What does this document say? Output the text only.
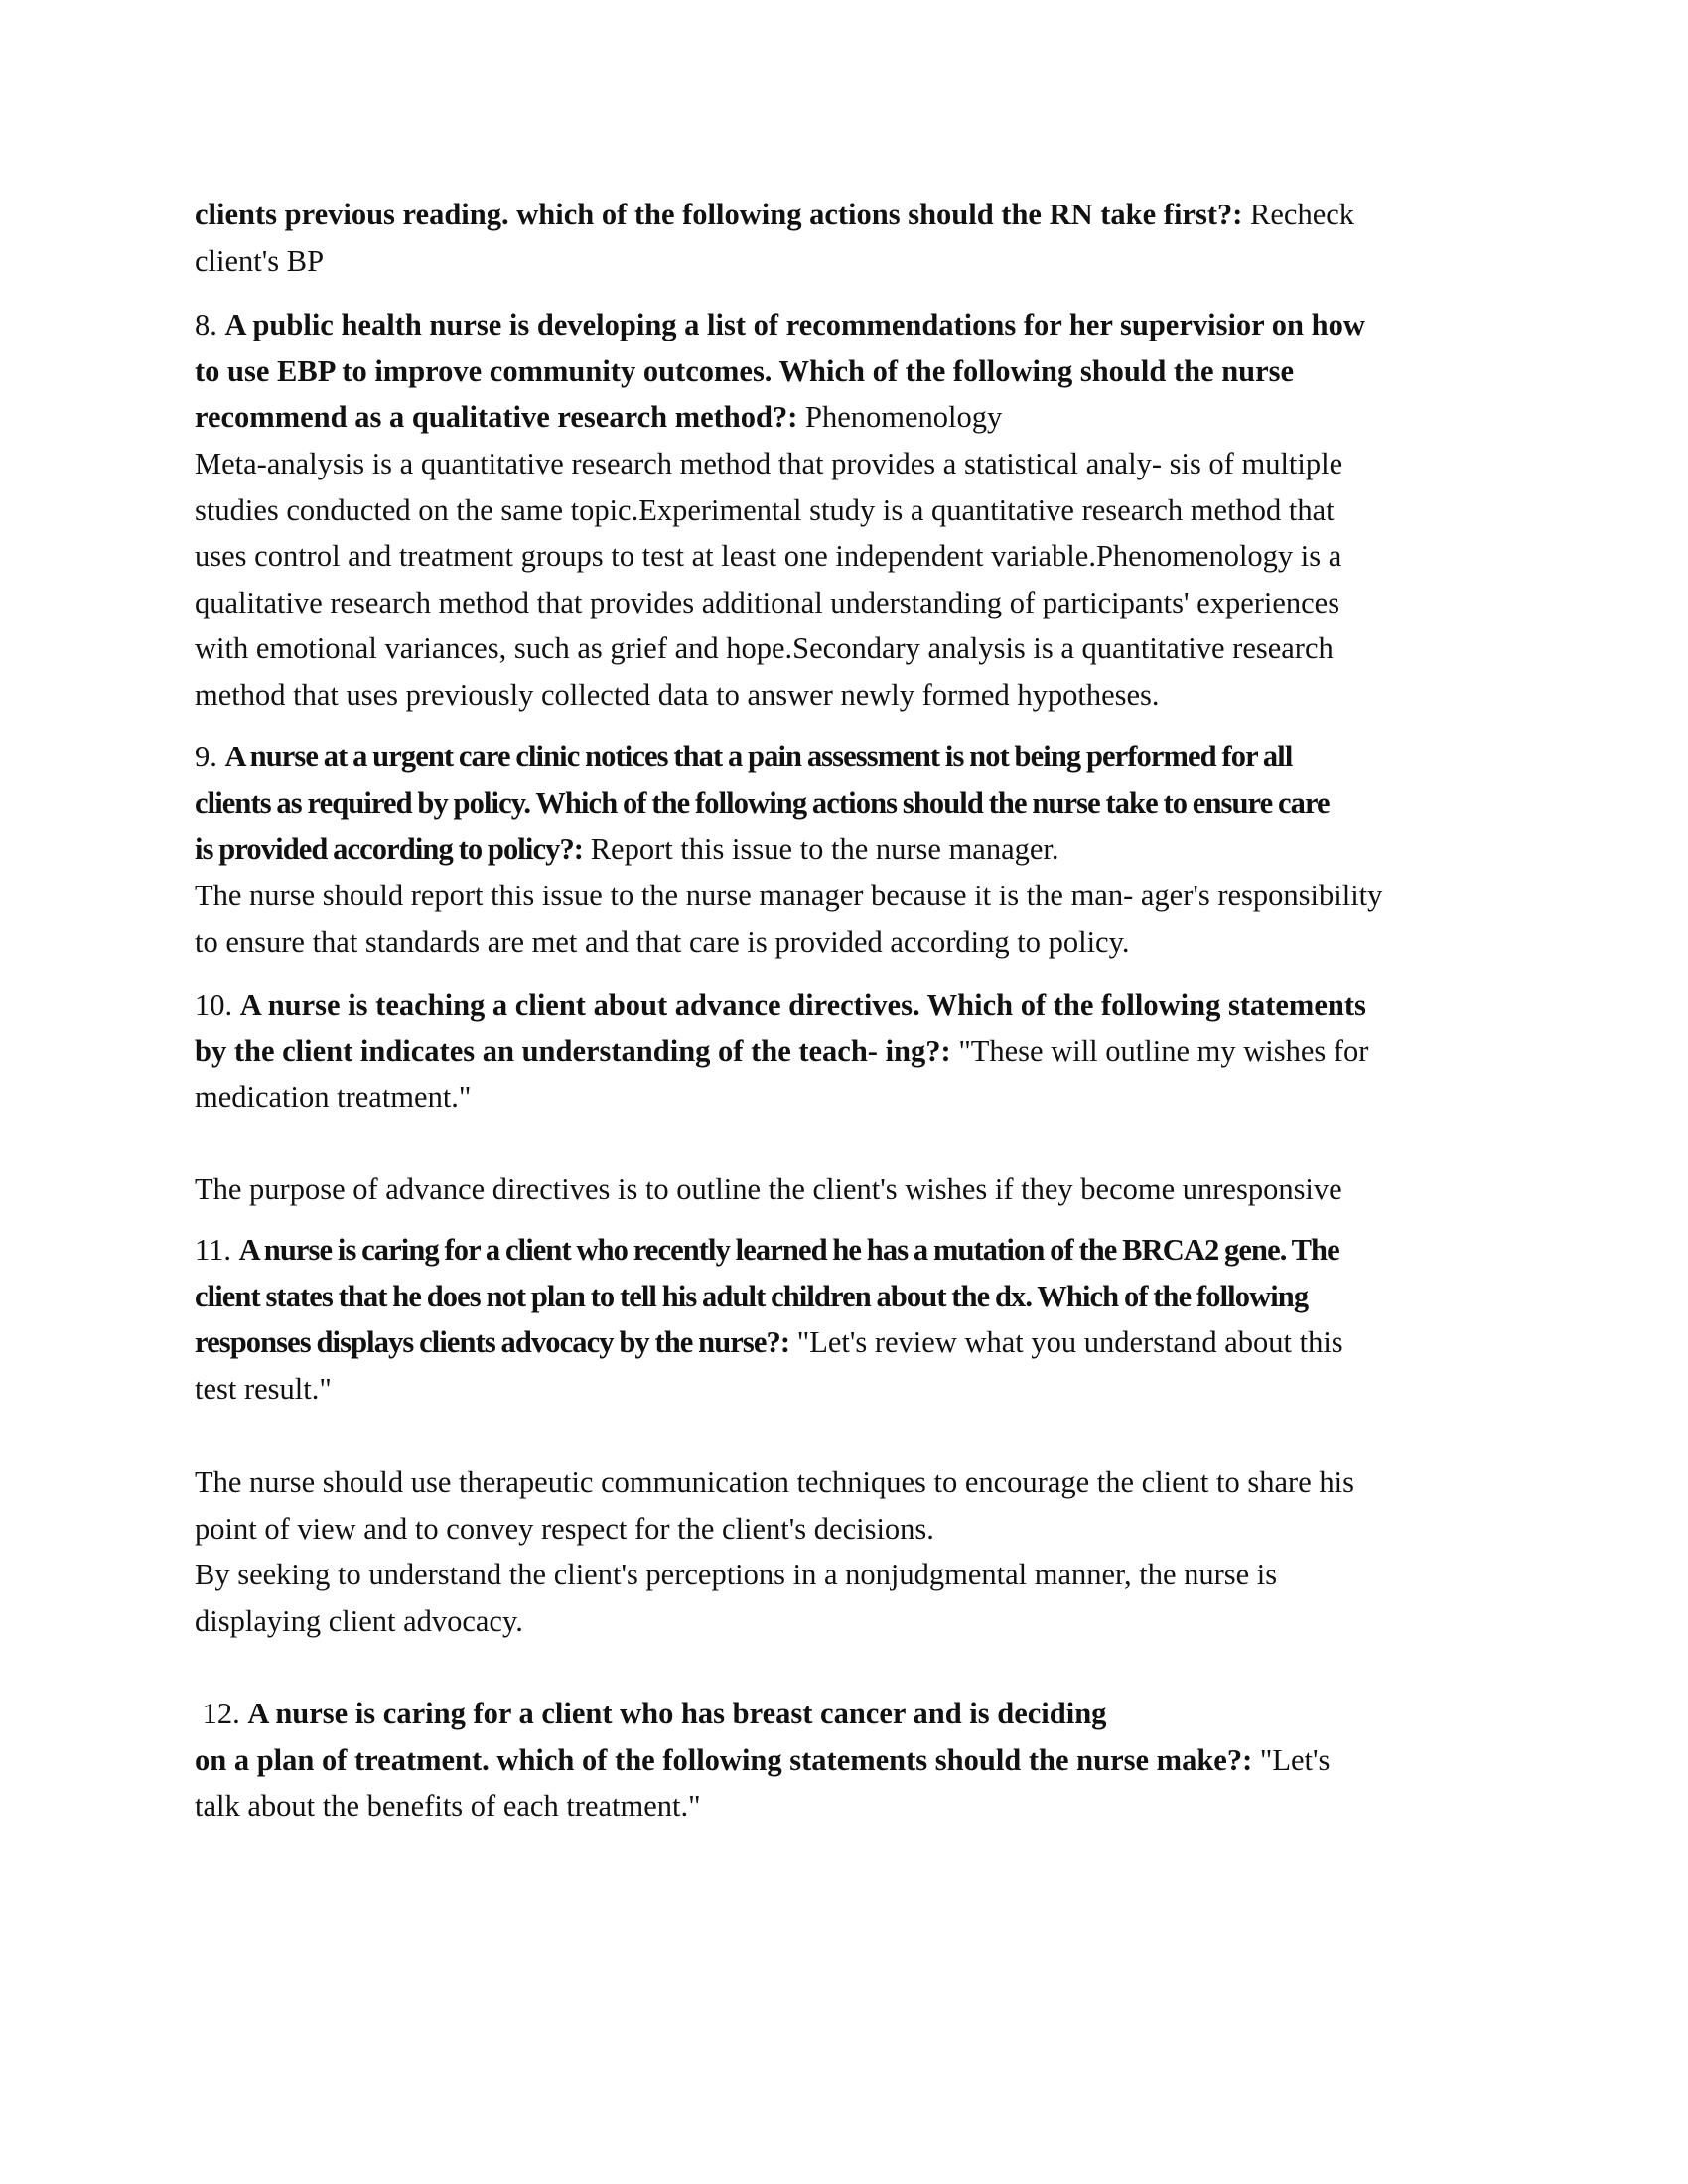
clients previous reading. which of the following actions should the RN take first?: Recheck
client's BP
8. A public health nurse is developing a list of recommendations for her supervisior on how
to use EBP to improve community outcomes. Which of the following should the nurse
recommend as a qualitative research method?: Phenomenology
Meta-analysis is a quantitative research method that provides a statistical analy- sis of multiple
studies conducted on the same topic.Experimental study is a quantitative research method that
uses control and treatment groups to test at least one independent variable.Phenomenology is a
qualitative research method that provides additional understanding of participants' experiences
with emotional variances, such as grief and hope.Secondary analysis is a quantitative research
method that uses previously collected data to answer newly formed hypotheses.
9. A nurse at a urgent care clinic notices that a pain assessment is not being performed for all
clients as required by policy. Which of the following actions should the nurse take to ensure care
is provided according to policy?: Report this issue to the nurse manager.
The nurse should report this issue to the nurse manager because it is the man- ager's responsibility
to ensure that standards are met and that care is provided according to policy.
10. A nurse is teaching a client about advance directives. Which of the following statements
by the client indicates an understanding of the teach- ing?: "These will outline my wishes for
medication treatment."
The purpose of advance directives is to outline the client's wishes if they become unresponsive
11. A nurse is caring for a client who recently learned he has a mutation of the BRCA2 gene. The
client states that he does not plan to tell his adult children about the dx. Which of the following
responses displays clients advocacy by the nurse?: "Let's review what you understand about this
test result."
The nurse should use therapeutic communication techniques to encourage the client to share his
point of view and to convey respect for the client's decisions.
By seeking to understand the client's perceptions in a nonjudgmental manner, the nurse is
displaying client advocacy.
12. A nurse is caring for a client who has breast cancer and is deciding
on a plan of treatment. which of the following statements should the nurse make?: "Let's
talk about the benefits of each treatment."
